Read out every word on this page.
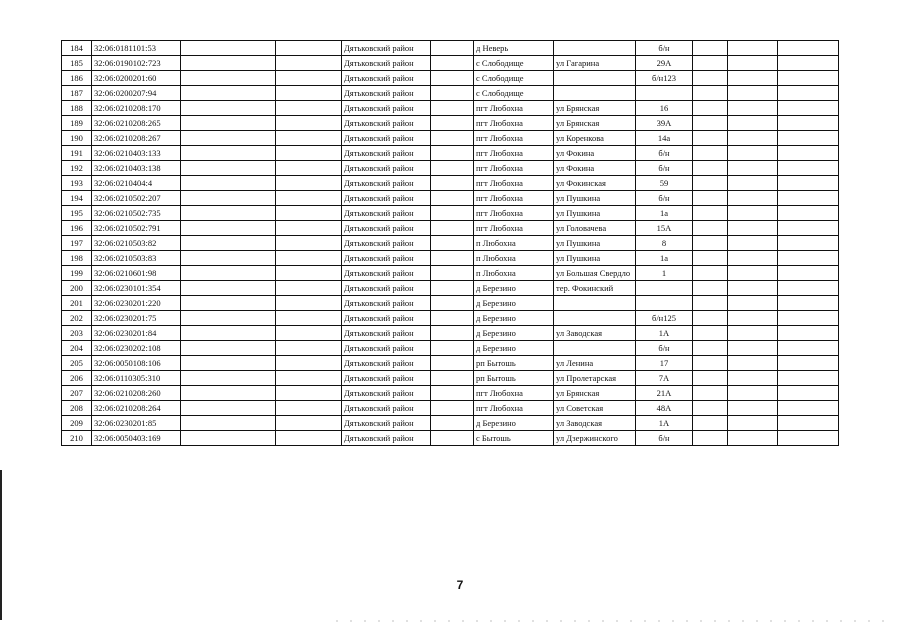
184	32:06:0181101:53			Дятьковский район		д Неверь		б/н			
185	32:06:0190102:723			Дятьковский район		с Слободище	ул Гагарина	29А			
186	32:06:0200201:60			Дятьковский район		с Слободище		б/н123			
187	32:06:0200207:94			Дятьковский район		с Слободище					
188	32:06:0210208:170			Дятьковский район		пгт Любохна	ул Брянская	16			
189	32:06:0210208:265			Дятьковский район		пгт Любохна	ул Брянская	39А			
190	32:06:0210208:267			Дятьковский район		пгт Любохна	ул Коренкова	14а			
191	32:06:0210403:133			Дятьковский район		пгт Любохна	ул Фокина	б/н			
192	32:06:0210403:138			Дятьковский район		пгт Любохна	ул Фокина	б/н			
193	32:06:0210404:4			Дятьковский район		пгт Любохна	ул Фокинская	59			
194	32:06:0210502:207			Дятьковский район		пгт Любохна	ул Пушкина	б/н			
195	32:06:0210502:735			Дятьковский район		пгт Любохна	ул Пушкина	1а			
196	32:06:0210502:791			Дятьковский район		пгт Любохна	ул Головачева	15А			
197	32:06:0210503:82			Дятьковский район		п Любохна	ул Пушкина	8			
198	32:06:0210503:83			Дятьковский район		п Любохна	ул Пушкина	1а			
199	32:06:0210601:98			Дятьковский район		п Любохна	ул Большая Свердло	1			
200	32:06:0230101:354			Дятьковский район		д Березино	тер. Фокинский				
201	32:06:0230201:220			Дятьковский район		д Березино					
202	32:06:0230201:75			Дятьковский район		д Березино		б/н125			
203	32:06:0230201:84			Дятьковский район		д Березино	ул Заводская	1А			
204	32:06:0230202:108			Дятьковский район		д Березино		б/н			
205	32:06:0050108:106			Дятьковский район		рп Бытошь	ул Ленина	17			
206	32:06:0110305:310			Дятьковский район		рп Бытошь	ул Пролетарская	7А			
207	32:06:0210208:260			Дятьковский район		пгт Любохна	ул Брянская	21А			
208	32:06:0210208:264			Дятьковский район		пгт Любохна	ул Советская	48А			
209	32:06:0230201:85			Дятьковский район		д Березино	ул Заводская	1А			
210	32:06:0050403:169			Дятьковский район		с Бытошь	ул Дзержинского	б/н			
7
